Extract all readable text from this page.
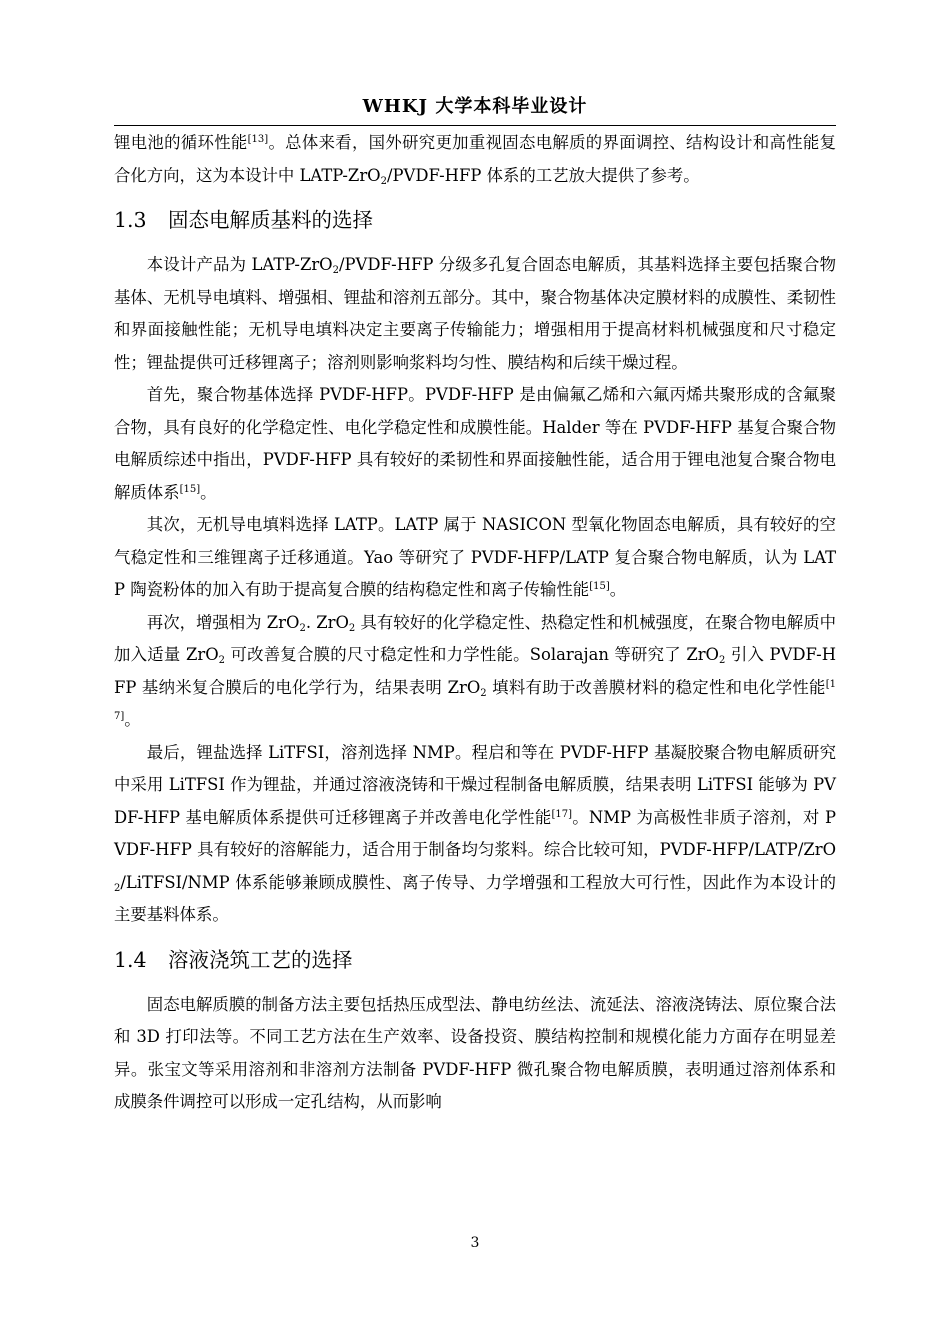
WHKJ 大学本科毕业设计

锂电池的循环性能[13]。总体来看，国外研究更加重视固态电解质的界面调控、结构设计和高性能复合化方向，这为本设计中 LATP-ZrO$_2$/PVDF-HFP 体系的工艺放大提供了参考。

1.3 固态电解质基料的选择

本设计产品为 LATP-ZrO$_2$/PVDF-HFP 分级多孔复合固态电解质，其基料选择主要包括聚合物基体、无机导电填料、增强相、锂盐和溶剂五部分。其中，聚合物基体决定膜材料的成膜性、柔韧性和界面接触性能；无机导电填料决定主要离子传输能力；增强相用于提高材料机械强度和尺寸稳定性；锂盐提供可迁移锂离子；溶剂则影响浆料均匀性、膜结构和后续干燥过程。

首先，聚合物基体选择 PVDF-HFP。PVDF-HFP 是由偏氟乙烯和六氟丙烯共聚形成的含氟聚合物，具有良好的化学稳定性、电化学稳定性和成膜性能。Halder 等在 PVDF-HFP 基复合聚合物电解质综述中指出，PVDF-HFP 具有较好的柔韧性和界面接触性能，适合用于锂电池复合聚合物电解质体系[15]。

其次，无机导电填料选择 LATP。LATP 属于 NASICON 型氧化物固态电解质，具有较好的空气稳定性和三维锂离子迁移通道。Yao 等研究了 PVDF-HFP/LATP 复合聚合物电解质，认为 LATP 陶瓷粉体的加入有助于提高复合膜的结构稳定性和离子传输性能[15]。

再次，增强相为 ZrO$_2$. ZrO$_2$ 具有较好的化学稳定性、热稳定性和机械强度，在聚合物电解质中加入适量 ZrO$_2$ 可改善复合膜的尺寸稳定性和力学性能。Solarajan 等研究了 ZrO$_2$ 引入 PVDF-HFP 基纳米复合膜后的电化学行为，结果表明 ZrO$_2$ 填料有助于改善膜材料的稳定性和电化学性能[17]。

最后，锂盐选择 LiTFSI，溶剂选择 NMP。程启和等在 PVDF-HFP 基凝胶聚合物电解质研究中采用 LiTFSI 作为锂盐，并通过溶液浇铸和干燥过程制备电解质膜，结果表明 LiTFSI 能够为 PVDF-HFP 基电解质体系提供可迁移锂离子并改善电化学性能[17]。NMP 为高极性非质子溶剂，对 PVDF-HFP 具有较好的溶解能力，适合用于制备均匀浆料。综合比较可知，PVDF-HFP/LATP/ZrO$_2$/LiTFSI/NMP 体系能够兼顾成膜性、离子传导、力学增强和工程放大可行性，因此作为本设计的主要基料体系。

1.4 溶液浇筑工艺的选择

固态电解质膜的制备方法主要包括热压成型法、静电纺丝法、流延法、溶液浇铸法、原位聚合法和 3D 打印法等。不同工艺方法在生产效率、设备投资、膜结构控制和规模化能力方面存在明显差异。张宝文等采用溶剂和非溶剂方法制备 PVDF-HFP 微孔聚合物电解质膜，表明通过溶剂体系和成膜条件调控可以形成一定孔结构，从而影响

3
